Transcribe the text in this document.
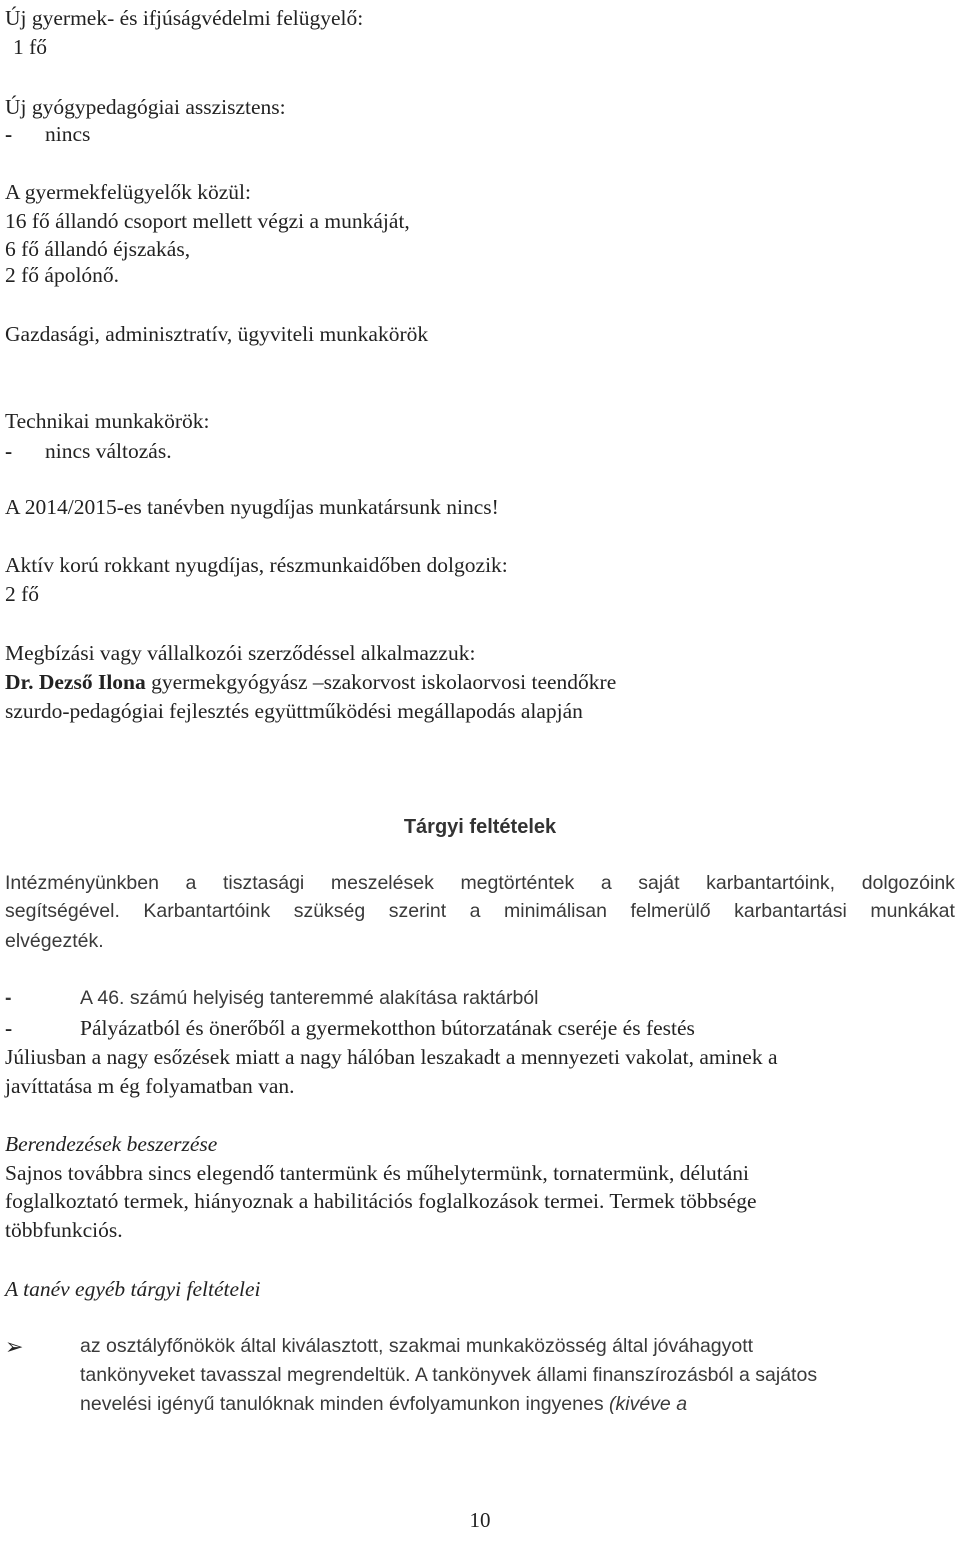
Új gyermek- és ifjúságvédelmi felügyelő:
1 fő
Új gyógypedagógiai asszisztens:
- nincs
A gyermekfelügyelők közül:
16 fő állandó csoport mellett végzi a munkáját,
6 fő állandó éjszakás,
2 fő ápolónő.
Gazdasági, adminisztratív, ügyviteli munkakörök
Technikai munkakörök:
- nincs változás.
A 2014/2015-es tanévben nyugdíjas munkatársunk nincs!
Aktív korú rokkant nyugdíjas, részmunkaidőben dolgozik:
2 fő
Megbízási vagy vállalkozói szerződéssel alkalmazzuk:
Dr. Dezső Ilona gyermekgyógyász –szakorvost iskolaorvosi teendőkre
szurdo-pedagógiai fejlesztés együttműködési megállapodás alapján
Tárgyi feltételek
Intézményünkben a tisztasági meszelések megtörténtek a saját karbantartóink, dolgozóink
segítségével. Karbantartóink szükség szerint a minimálisan felmerülő karbantartási munkákat
elvégezték.
-	A 46. számú helyiség tanteremmé alakítása raktárból
-	Pályázatból és önerőből a gyermekotthon bútorzatának cseréje és festés
Júliusban a nagy esőzések miatt a nagy hálóban leszakadt a mennyezeti vakolat, aminek a
javíttatása m ég folyamatban van.
Berendezések beszerzése
Sajnos továbbra sincs elegendő tantermünk és műhelytermünk, tornatermünk, délutáni
foglalkoztató termek, hiányoznak a habilitációs foglalkozások termei. Termek többsége
többfunkciós.
A tanév egyéb tárgyi feltételei
➢	az osztályfőnökök által kiválasztott, szakmai munkaközösség által jóváhagyott
tankönyveket tavasszal megrendeltük. A tankönyvek állami finanszírozásból a sajátos
nevelési igényű tanulóknak minden évfolyamunkon ingyenes (kivéve a
10
